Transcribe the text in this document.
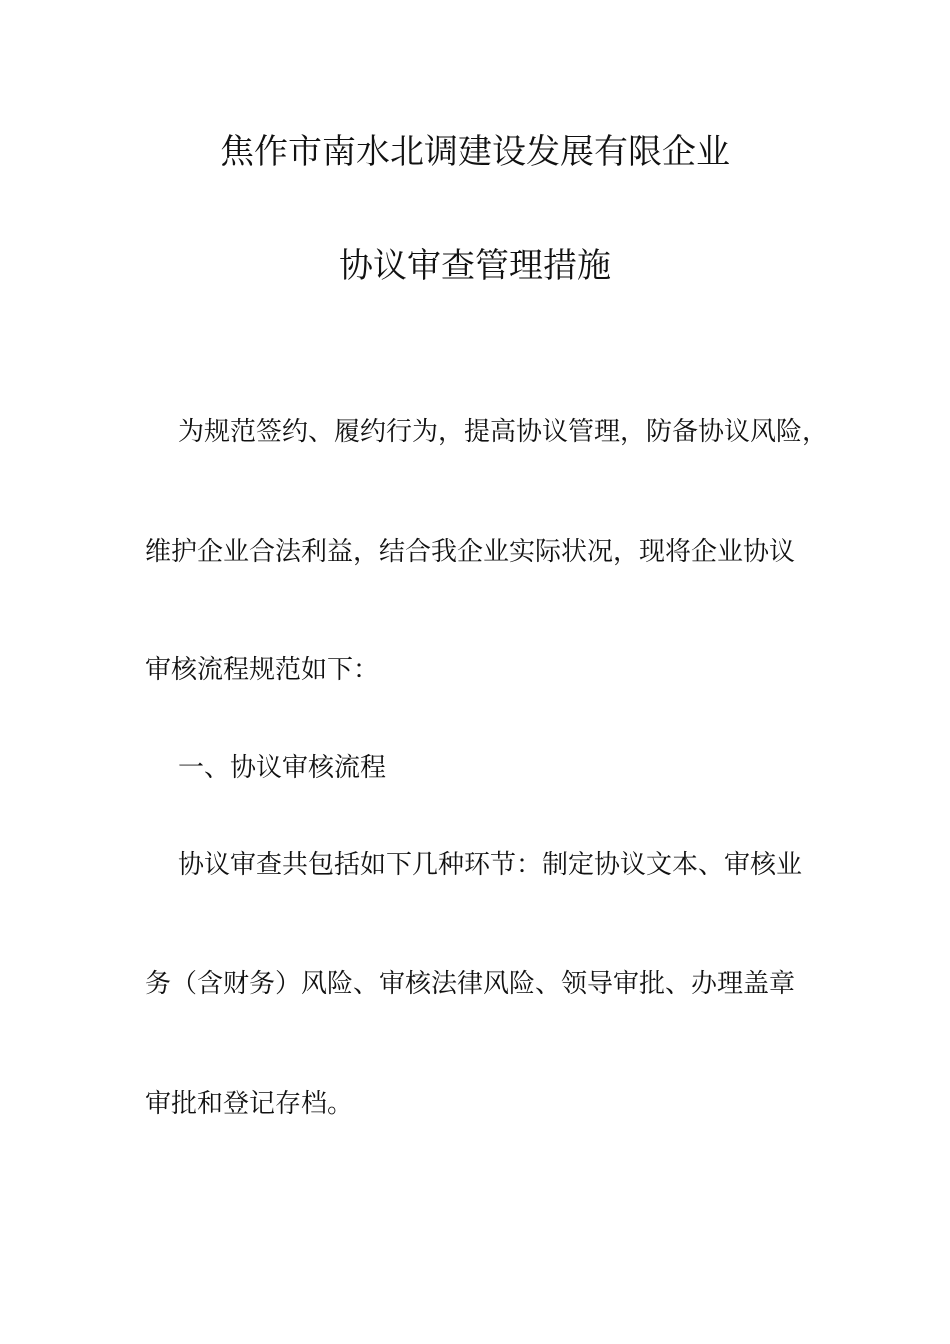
焦作市南水北调建设发展有限企业
协议审查管理措施
为规范签约、履约行为，提高协议管理，防备协议风险，
维护企业合法利益，结合我企业实际状况，现将企业协议
审核流程规范如下：
一、协议审核流程
协议审查共包括如下几种环节：制定协议文本、审核业
务（含财务）风险、审核法律风险、领导审批、办理盖章
审批和登记存档。
